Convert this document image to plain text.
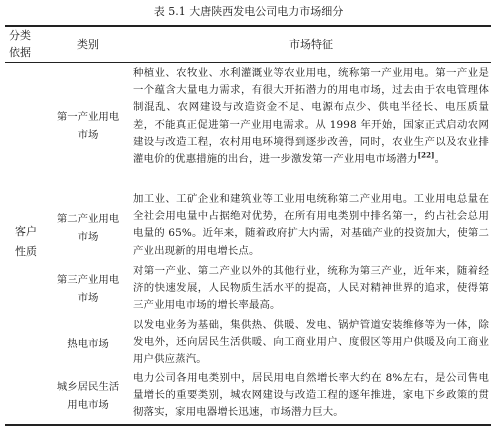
表 5.1 大唐陕西发电公司电力市场细分
分类
依据
类别	市场特征
客户
性质
第一产业用电
市场
种植业、农牧业、水利灌溉业等农业用电，统称第一产业用电。第一产业是一个蕴含大量电力需求，有很大开拓潜力的用电市场，过去由于农电管理体制混乱、农网建设与改造资金不足、电源布点少、供电半径长、电压质量差，不能真正促进第一产业用电需求。从 1998 年开始，国家正式启动农网建设与改造工程，农村用电环境得到逐步改善，同时，农业生产以及农业排灌电价的优惠措施的出台，进一步激发第一产业用电市场潜力[22]。
第二产业用电
市场
加工业、工矿企业和建筑业等工业用电统称第二产业用电。工业用电总量在全社会用电量中占据绝对优势，在所有用电类别中排名第一，约占社会总用电量的 65%。近年来，随着政府扩大内需，对基础产业的投资加大，使第二产业出现新的用电增长点。
第三产业用电
市场
对第一产业、第二产业以外的其他行业，统称为第三产业，近年来，随着经济的快速发展，人民物质生活水平的提高，人民对精神世界的追求，使得第三产业用电市场的增长率最高。
热电市场
以发电业务为基础，集供热、供暖、发电、锅炉管道安装维修等为一体，除发电外，还向居民生活供暖、向工商业用户、度假区等用户供暖及向工商业用户供应蒸汽。
城乡居民生活
用电市场
电力公司各用电类别中，居民用电自然增长率大约在 8%左右，是公司售电量增长的重要类别，城农网建设与改造工程的逐年推进，家电下乡政策的贯彻落实，家用电器增长迅速，市场潜力巨大。
